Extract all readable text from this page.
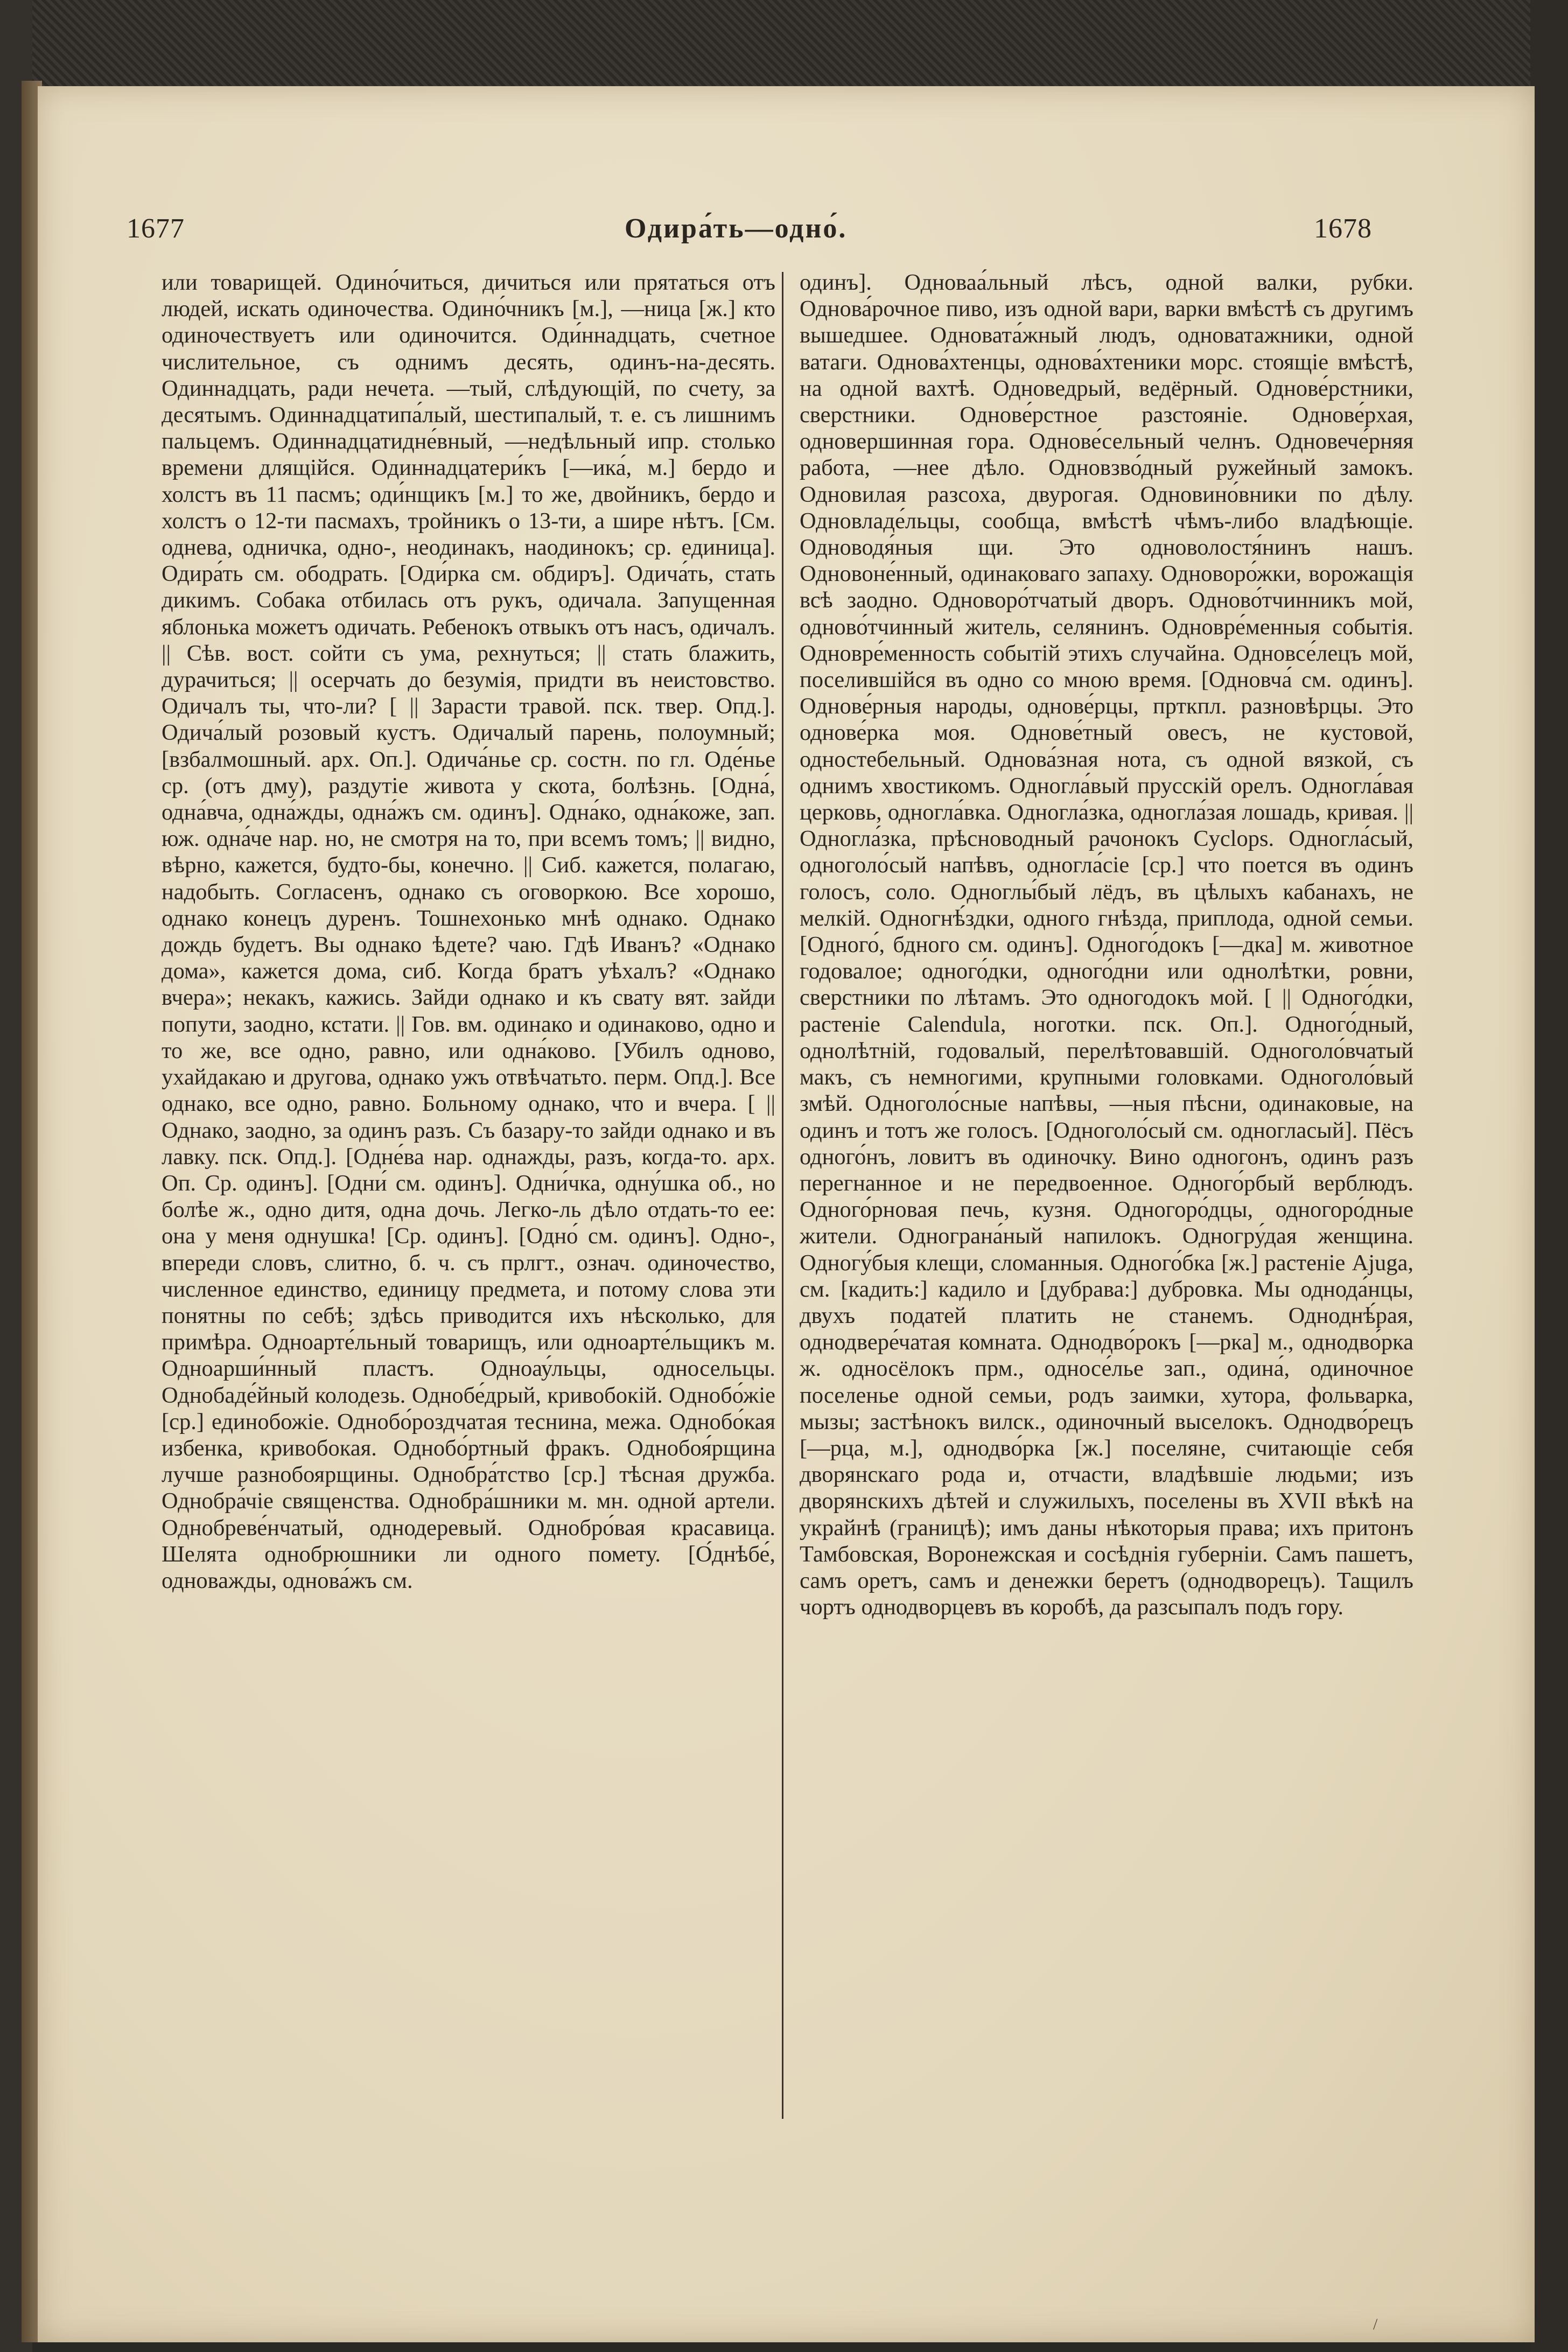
1677	Одира́ть—одно́.	1678

или товарищей. Одино́читься, дичиться или прятаться отъ людей, искать одиночества. Одино́чникъ [м.], —ница [ж.] кто одиночествуетъ или одиночится. Оди́ннадцать, счетное числительное, съ однимъ десять, одинъ-на-десять. Одиннадцать, ради нечета. —тый, слѣдующій, по счету, за десятымъ. Одиннадцатипа́лый, шестипалый, т. е. съ лишнимъ пальцемъ. Одиннадцатидне́вный, —недѣльный ипр. столько времени длящійся. Одиннадцатери́къ [—ика́, м.] бердо и холстъ въ 11 пасмъ; оди́нщикъ [м.] то же, двойникъ, бердо и холстъ о 12-ти пасмахъ, тройникъ о 13-ти, а шире нѣтъ. [См. однева, одничка, одно-, неодинакъ, наодинокъ; ср. единица]. Одира́ть см. ободрать. [Оди́рка см. обдиръ]. Одича́ть, стать дикимъ. Собака отбилась отъ рукъ, одичала. Запущенная яблонька можетъ одичать. Ребенокъ отвыкъ отъ насъ, одичалъ. || Сѣв. вост. сойти съ ума, рехнуться; || стать блажить, дурачиться; || осерчать до безумія, придти въ неистовство. Одичалъ ты, что-ли? [ || Зарасти травой. пск. твер. Опд.]. Одича́лый розовый кустъ. Одичалый парень, полоумный; [взбалмошный. арх. Оп.]. Одича́нье ср. состн. по гл. Оде́нье ср. (отъ дму), раздутіе живота у скота, болѣзнь. [Одна́, одна́вча, одна́жды, одна́жъ см. одинъ]. Одна́ко, одна́коже, зап. юж. одна́че нар. но, не смотря на то, при всемъ томъ; || видно, вѣрно, кажется, будто-бы, конечно. || Сиб. кажется, полагаю, надобыть. Согласенъ, однако съ оговоркою. Все хорошо, однако конецъ дуренъ. Тошнехонько мнѣ однако. Однако дождь будетъ. Вы однако ѣдете? чаю. Гдѣ Иванъ? «Однако дома», кажется дома, сиб. Когда братъ уѣхалъ? «Однако вчера»; некакъ, кажись. Зайди однако и къ свату вят. зайди попути, заодно, кстати. || Гов. вм. одинако и одинаково, одно и то же, все одно, равно, или одна́ково. [Убилъ одново, ухайдакаю и другова, однако ужъ отвѣчатьто. перм. Опд.]. Все однако, все одно, равно. Больному однако, что и вчера. [ || Однако, заодно, за одинъ разъ. Съ базару-то зайди однако и въ лавку. пск. Опд.]. [Одне́ва нар. однажды, разъ, когда-то. арх. Оп. Ср. одинъ]. [Одни́ см. одинъ]. Одни́чка, одну́шка об., но болѣе ж., одно дитя, одна дочь. Легко-ль дѣло отдать-то ее: она у меня однушка! [Ср. одинъ]. [Одно́ см. одинъ]. Одно-, впереди словъ, слитно, б. ч. съ прлгт., означ. одиночество, численное единство, единицу предмета, и потому слова эти понятны по себѣ; здѣсь приводится ихъ нѣсколько, для примѣра. Одноарте́льный товарищъ, или одноарте́льщикъ м. Одноарши́нный пластъ. Одноау́льцы, односельцы. Однобаде́йный колодезь. Однобе́дрый, кривобокій. Однобо́жіе [ср.] единобожіе. Однобо́роздчатая теснина, межа. Однобо́кая избенка, кривобокая. Однобо́ртный фракъ. Однобоя́рщина лучше разнобоярщины. Однобра́тство [ср.] тѣсная дружба. Однобра́чіе священства. Однобра́шники м. мн. одной артели. Однобреве́нчатый, однодеревый. Однобро́вая красавица. Шелята однобрюшники ли одного помету. [О́днѣбе́, одноважды, однова́жъ см.

одинъ]. Одноваа́льный лѣсъ, одной валки, рубки. Однова́рочное пиво, изъ одной вари, варки вмѣстѣ съ другимъ вышедшее. Одновата́жный людъ, одноватажники, одной ватаги. Однова́хтенцы, однова́хтеники морс. стоящіе вмѣстѣ, на одной вахтѣ. Одноведрый, ведёрный. Однове́рстники, сверстники. Однове́рстное разстояніе. Однове́рхая, одновершинная гора. Однове́сельный челнъ. Одновече́рняя работа, —нее дѣло. Одновзво́дный ружейный замокъ. Одновилая разсоха, двурогая. Одновино́вники по дѣлу. Одновладе́льцы, сообща, вмѣстѣ чѣмъ-либо владѣющіе. Одноводя́ныя щи. Это одноволостя́нинъ нашъ. Одновоне́нный, одинаковаго запаху. Одноворо́жки, ворожащія всѣ заодно. Одноворо́тчатый дворъ. Одново́тчинникъ мой, одново́тчинный житель, селянинъ. Одновре́менныя событія. Одновре́менность событій этихъ случайна. Одновсе́лецъ мой, поселившійся въ одно со мною время. [Одновча́ см. одинъ]. Однове́рныя народы, однове́рцы, прткпл. разновѣрцы. Это однове́рка моя. Однове́тный овесъ, не кустовой, одностебельный. Однова́зная нота, съ одной вязкой, съ однимъ хвостикомъ. Одногла́вый прусскій орелъ. Одногла́вая церковь, одногла́вка. Одногла́зка, одногла́зая лошадь, кривая. || Одногла́зка, прѣсноводный рачонокъ Cyclops. Одногла́сый, одноголо́сый напѣвъ, одногла́сіе [ср.] что поется въ одинъ голосъ, солo. Одноглы́бый лёдъ, въ цѣлыхъ кабанахъ, не мелкій. Одногнѣ́здки, одного гнѣзда, приплода, одной семьи. [Одного́, бдного см. одинъ]. Одного́докъ [—дка] м. животное годовалое; одного́дки, одного́дни или однолѣтки, ровни, сверстники по лѣтамъ. Это одногодокъ мой. [ || Одного́дки, растеніе Calendula, ноготки. пск. Оп.]. Одного́дный, однолѣтній, годовалый, перелѣтовавшій. Одноголо́вчатый макъ, съ немногими, крупными головками. Одноголо́вый змѣй. Одноголо́сные напѣвы, —ныя пѣсни, одинаковые, на одинъ и тотъ же голосъ. [Одноголо́сый см. одногласый]. Пёсъ одного́нъ, ловитъ въ одиночку. Вино одногонъ, одинъ разъ перегнанное и не передвоенное. Одного́рбый верблюдъ. Одного́рновая печь, кузня. Одногоро́дцы, одногоро́дные жители. Однограна́ный напилокъ. Одногру́дая женщина. Одногу́быя клещи, сломанныя. Одного́бка [ж.] растеніе Ajuga, см. [кадить:] кадило и [дубрава:] дубровка. Мы однода́нцы, двухъ податей платить не станемъ. Одноднѣ́рая, однодвере́чатая комната. Однодво́рокъ [—рка] м., однодво́рка ж. односёлокъ прм., односе́лье зап., одина́, одиночное поселенье одной семьи, родъ заимки, хутора, фольварка, мызы; застѣнокъ вилск., одиночный выселокъ. Однодво́рецъ [—рца, м.], однодво́рка [ж.] поселяне, считающіе себя дворянскаго рода и, отчасти, владѣвшіе людьми; изъ дворянскихъ дѣтей и служилыхъ, поселены въ XVII вѣкѣ на украйнѣ (границѣ); имъ даны нѣкоторыя права; ихъ притонъ Тамбовская, Воронежская и сосѣднія губерніи. Самъ пашетъ, самъ оретъ, самъ и денежки беретъ (однодворецъ). Тащилъ чортъ однодворцевъ въ коробѣ, да разсыпалъ подъ гору.

/
